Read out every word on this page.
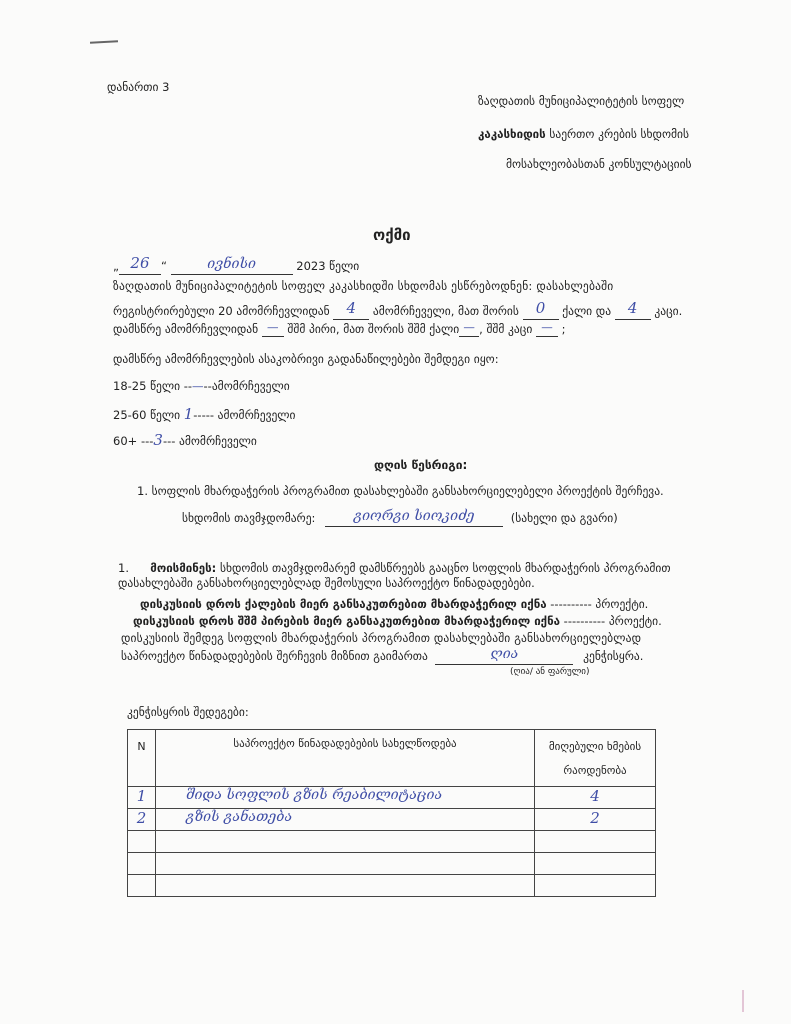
დანართი 3
ზაღდათის მუნიციპალიტეტის სოფელ
კაკასხიდის საერთო კრების სხდომის
მოსახლეობასთან კონსულტაციის
ოქმი
„ 26 “	ივნისი	2023 წელი
ზაღდათის მუნიციპალიტეტის სოფელ კაკასხიდში სხდომას ესწრებოდნენ: დასახლებაში
რეგისტრირებული 20 ამომრჩევლიდან 4 ამომრჩეველი, მათ შორის 0 ქალი და 4 კაცი.
დამსწრე ამომრჩევლიდან — შშმ პირი, მათ შორის შშმ ქალი — , შშმ კაცი — ;
დამსწრე ამომრჩევლების ასაკობრივი გადანაწილებები შემდეგი იყო:
18-25 წელი --—--ამომრჩეველი
25-60 წელი 1----- ამომრჩეველი
60+ ---3--- ამომრჩეველი
დღის წესრიგი:
1. სოფლის მხარდაჭერის პროგრამით დასახლებაში განსახორციელებელი პროექტის შერჩევა.
სხდომის თავმჯდომარე:	გიორგი სიოკიძე	(სახელი და გვარი)
1. მოისმინეს: სხდომის თავმჯდომარემ დამსწრეებს გააცნო სოფლის მხარდაჭერის პროგრამით
დასახლებაში განსახორციელებლად შემოსული საპროექტო წინადადებები.
დისკუსიის დროს ქალების მიერ განსაკუთრებით მხარდაჭერილ იქნა ---------- პროექტი.
დისკუსიის დროს შშმ პირების მიერ განსაკუთრებით მხარდაჭერილ იქნა ---------- პროექტი.
დისკუსიის შემდეგ სოფლის მხარდაჭერის პროგრამით დასახლებაში განსახორციელებლად
საპროექტო წინადადებების შერჩევის მიზნით გაიმართა	ღია	კენჭისყრა.
(ღია/ ან ფარული)
კენჭისყრის შედეგები:
N	საპროექტო წინადადებების სახელწოდება	მიღებული ხმების
რაოდენობა

1	შიდა სოფლის გზის რეაბილიტაცია	4
2	გზის განათება	2
